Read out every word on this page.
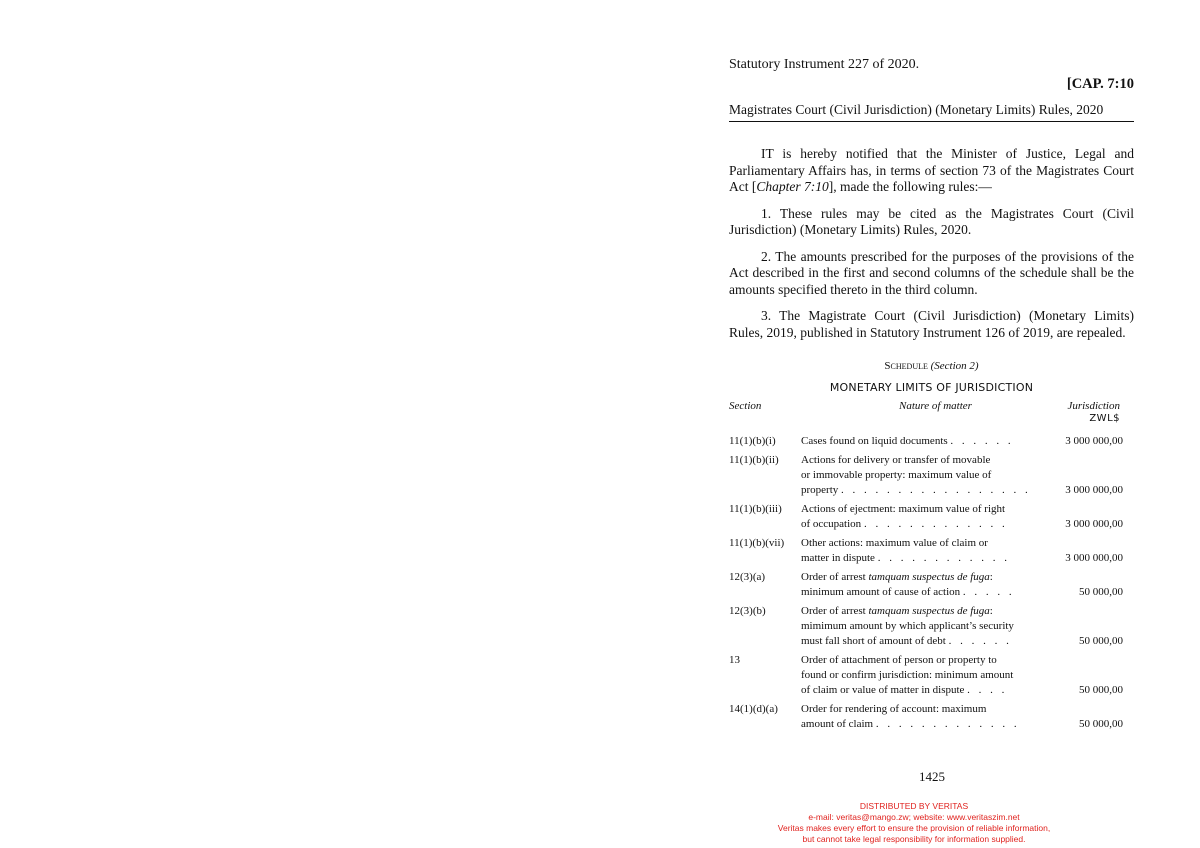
Statutory Instrument 227 of 2020.
[CAP. 7:10
Magistrates Court (Civil Jurisdiction) (Monetary Limits) Rules, 2020

IT is hereby notified that the Minister of Justice, Legal and Parliamentary Affairs has, in terms of section 73 of the Magistrates Court Act [Chapter 7:10], made the following rules:—

1. These rules may be cited as the Magistrates Court (Civil Jurisdiction) (Monetary Limits) Rules, 2020.

2. The amounts prescribed for the purposes of the provisions of the Act described in the first and second columns of the schedule shall be the amounts specified thereto in the third column.

3. The Magistrate Court (Civil Jurisdiction) (Monetary Limits) Rules, 2019, published in Statutory Instrument 126 of 2019, are repealed.

Schedule (Section 2)
MONETARY LIMITS OF JURISDICTION
Section	Nature of matter	Jurisdiction
ZWL$
11(1)(b)(i)	Cases found on liquid documents . . . . . .	3 000 000,00
11(1)(b)(ii)	Actions for delivery or transfer of movable
or immovable property: maximum value of
property . . . . . . . . . . . . . . . . .	3 000 000,00
11(1)(b)(iii)	Actions of ejectment: maximum value of right
of occupation . . . . . . . . . . . . .	3 000 000,00
11(1)(b)(vii)	Other actions: maximum value of claim or
matter in dispute . . . . . . . . . . . .	3 000 000,00
12(3)(a)	Order of arrest tamquam suspectus de fuga:
minimum amount of cause of action . . . . .	50 000,00
12(3)(b)	Order of arrest tamquam suspectus de fuga:
mimimum amount by which applicant’s security
must fall short of amount of debt . . . . . .	50 000,00
13	Order of attachment of person or property to
found or confirm jurisdiction: minimum amount
of claim or value of matter in dispute . . . .	50 000,00
14(1)(d)(a)	Order for rendering of account: maximum
amount of claim . . . . . . . . . . . . .	50 000,00
1425
DISTRIBUTED BY VERITAS
e-mail: veritas@mango.zw; website: www.veritaszim.net
Veritas makes every effort to ensure the provision of reliable information,
but cannot take legal responsibility for information supplied.
